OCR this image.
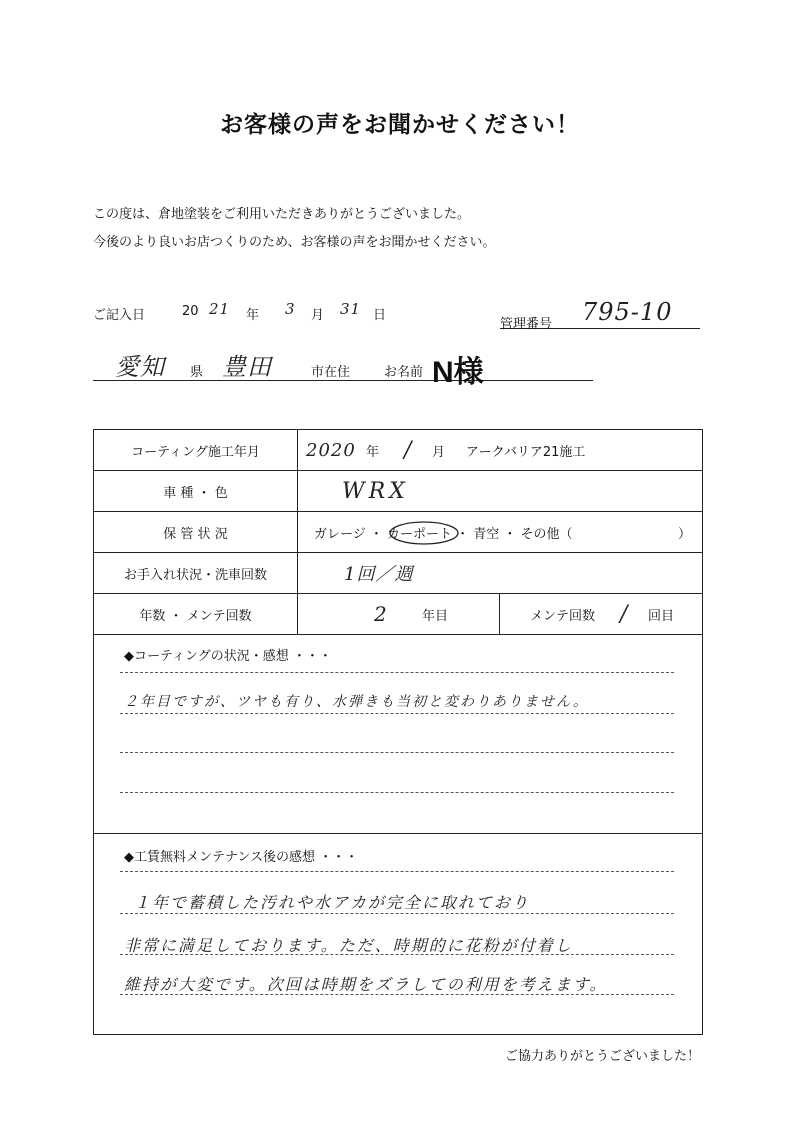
お客様の声をお聞かせください！
この度は、倉地塗装をご利用いただきありがとうございました。
今後のより良いお店つくりのため、お客様の声をお聞かせください。
ご記入日	20 21 年 3 月 31 日
管理番号 795-10
愛知 県 豊田	市在住	お名前 N様
コーティング施工年月	2020 年 / 月 アークバリア21施工
車 種 ・ 色	WRX
保 管 状 況	ガレージ ・ カーポート ・ 青空 ・ その他（	）
お手入れ状況・洗車回数	1回／週
年数 ・ メンテ回数	2	年目	メンテ回数 / 回目
◆コーティングの状況・感想 ・・・
２年目ですが、ツヤも有り、水弾きも当初と変わりありません。
◆工賃無料メンテナンス後の感想 ・・・
１年で蓄積した汚れや水アカが完全に取れており
非常に満足しております。ただ、時期的に花粉が付着し
維持が大変です。次回は時期をズラしての利用を考えます。
ご協力ありがとうございました！
